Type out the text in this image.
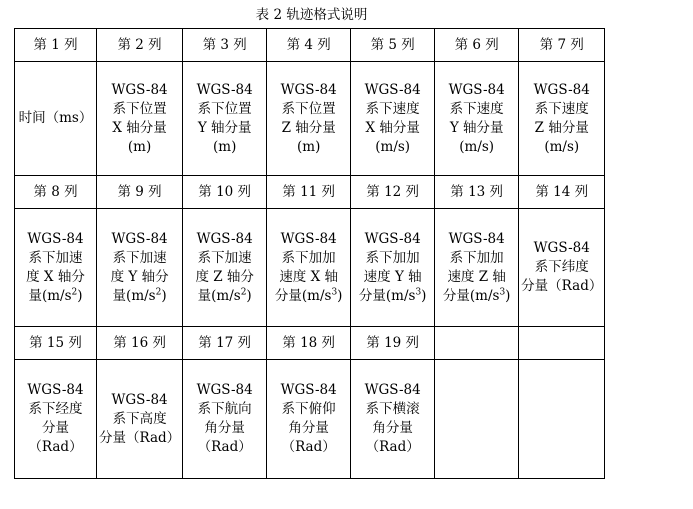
表 2 轨迹格式说明
第 1 列	第 2 列	第 3 列	第 4 列	第 5 列	第 6 列	第 7 列

时间（ms）	WGS-84
系下位置
X 轴分量
(m)	WGS-84
系下位置
Y 轴分量
(m)	WGS-84
系下位置
Z 轴分量
(m)	WGS-84
系下速度
X 轴分量
(m/s)	WGS-84
系下速度
Y 轴分量
(m/s)	WGS-84
系下速度
Z 轴分量
(m/s)

第 8 列	第 9 列	第 10 列	第 11 列	第 12 列	第 13 列	第 14 列

WGS-84
系下加速
度 X 轴分
量$(m/s^2)$	WGS-84
系下加速
度 Y 轴分
量$(m/s^2)$	WGS-84
系下加速
度 Z 轴分
量$(m/s^2)$	WGS-84
系下加加
速度 X 轴
分量$(m/s^3)$	WGS-84
系下加加
速度 Y 轴
分量$(m/s^3)$	WGS-84
系下加加
速度 Z 轴
分量$(m/s^3)$	WGS-84
系下纬度
分量（Rad）

第 15 列	第 16 列	第 17 列	第 18 列	第 19 列		

WGS-84
系下经度
分量
（Rad）	WGS-84
系下高度
分量（Rad）	WGS-84
系下航向
角分量
（Rad）	WGS-84
系下俯仰
角分量
（Rad）	WGS-84
系下横滚
角分量
（Rad）		
